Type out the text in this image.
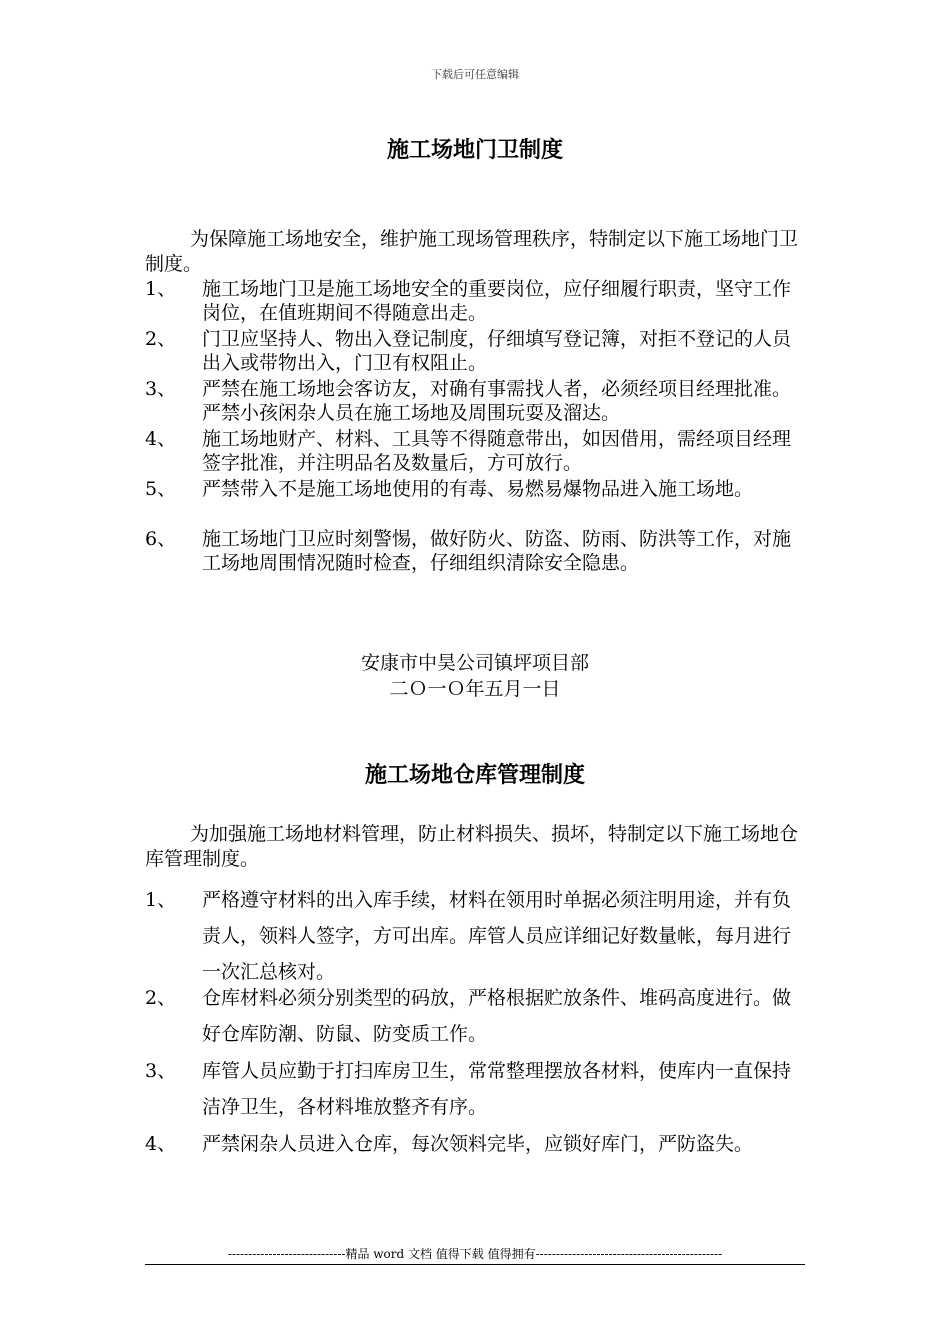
下载后可任意编辑
施工场地门卫制度

为保障施工场地安全，维护施工现场管理秩序，特制定以下施工场地门卫制度。

1、 施工场地门卫是施工场地安全的重要岗位，应仔细履行职责，坚守工作岗位，在值班期间不得随意出走。
2、 门卫应坚持人、物出入登记制度，仔细填写登记簿，对拒不登记的人员出入或带物出入，门卫有权阻止。
3、 严禁在施工场地会客访友，对确有事需找人者，必须经项目经理批准。严禁小孩闲杂人员在施工场地及周围玩耍及溜达。
4、 施工场地财产、材料、工具等不得随意带出，如因借用，需经项目经理签字批准，并注明品名及数量后，方可放行。
5、 严禁带入不是施工场地使用的有毒、易燃易爆物品进入施工场地。
6、 施工场地门卫应时刻警惕，做好防火、防盗、防雨、防洪等工作，对施工场地周围情况随时检查，仔细组织清除安全隐患。
安康市中昊公司镇坪项目部
二Ｏ一Ｏ年五月一日
施工场地仓库管理制度

为加强施工场地材料管理，防止材料损失、损坏，特制定以下施工场地仓库管理制度。

1、 严格遵守材料的出入库手续，材料在领用时单据必须注明用途，并有负责人，领料人签字，方可出库。库管人员应详细记好数量帐，每月进行一次汇总核对。
2、 仓库材料必须分别类型的码放，严格根据贮放条件、堆码高度进行。做好仓库防潮、防鼠、防变质工作。
3、 库管人员应勤于打扫库房卫生，常常整理摆放各材料，使库内一直保持洁净卫生，各材料堆放整齐有序。
4、 严禁闲杂人员进入仓库，每次领料完毕，应锁好库门，严防盗失。
-----------------------------精品 word 文档 值得下载 值得拥有----------------------------------------------
